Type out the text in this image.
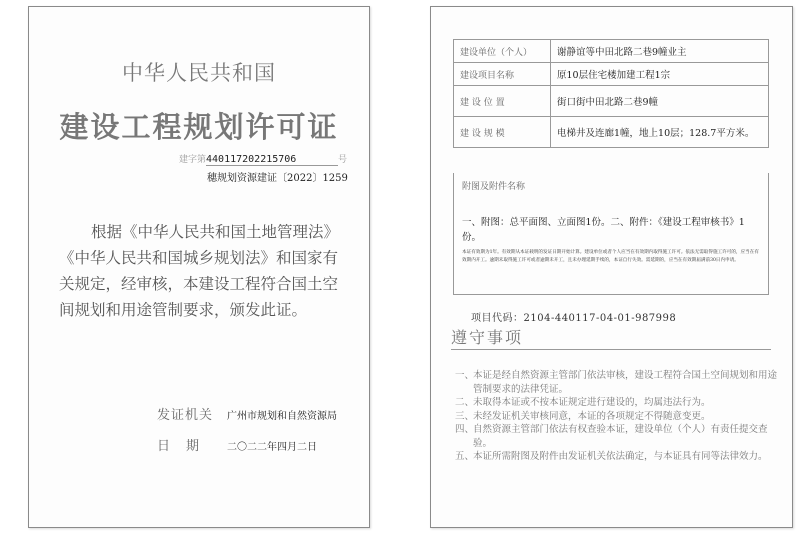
中华人民共和国
建设工程规划许可证
建字第440117202215706	号
穗规划资源建证〔2022〕1259
根据《中华人民共和国土地管理法》《中华人民共和国城乡规划法》和国家有关规定，经审核，本建设工程符合国土空间规划和用途管制要求，颁发此证。
发证机关 广州市规划和自然资源局
日期 二〇二二年四月二日
建设单位（个人）	谢静谊等中田北路二巷9幢业主
建设项目名称	原10层住宅楼加建工程1宗
建 设 位 置	街口街中田北路二巷9幢
建 设 规 模	电梯井及连廊1幢，地上10层；128.7平方米。
附图及附件名称
一、附图：总平面图、立面图1份。二、附件：《建设工程审核书》1份。
本证有效期为1年。有效期从本证载明的发证日期开始计算。建设单位或者个人应当在有效期内取得施工许可。依法无需取得施工许可的，应当在有效期内开工。逾期未取得施工许可或者逾期未开工，且未办理延期手续的，本证自行失效。需延期的，应当在有效期届满前30日内申请。
项目代码：2104-440117-04-01-987998
遵守事项
一、
本证是经自然资源主管部门依法审核，建设工程符合国土空间规划和用途管制要求的法律凭证。
二、
未取得本证或不按本证规定进行建设的，均属违法行为。
三、
未经发证机关审核同意，本证的各项规定不得随意变更。
四、
自然资源主管部门依法有权查验本证，建设单位（个人）有责任提交查验。
五、
本证所需附图及附件由发证机关依法确定，与本证具有同等法律效力。
